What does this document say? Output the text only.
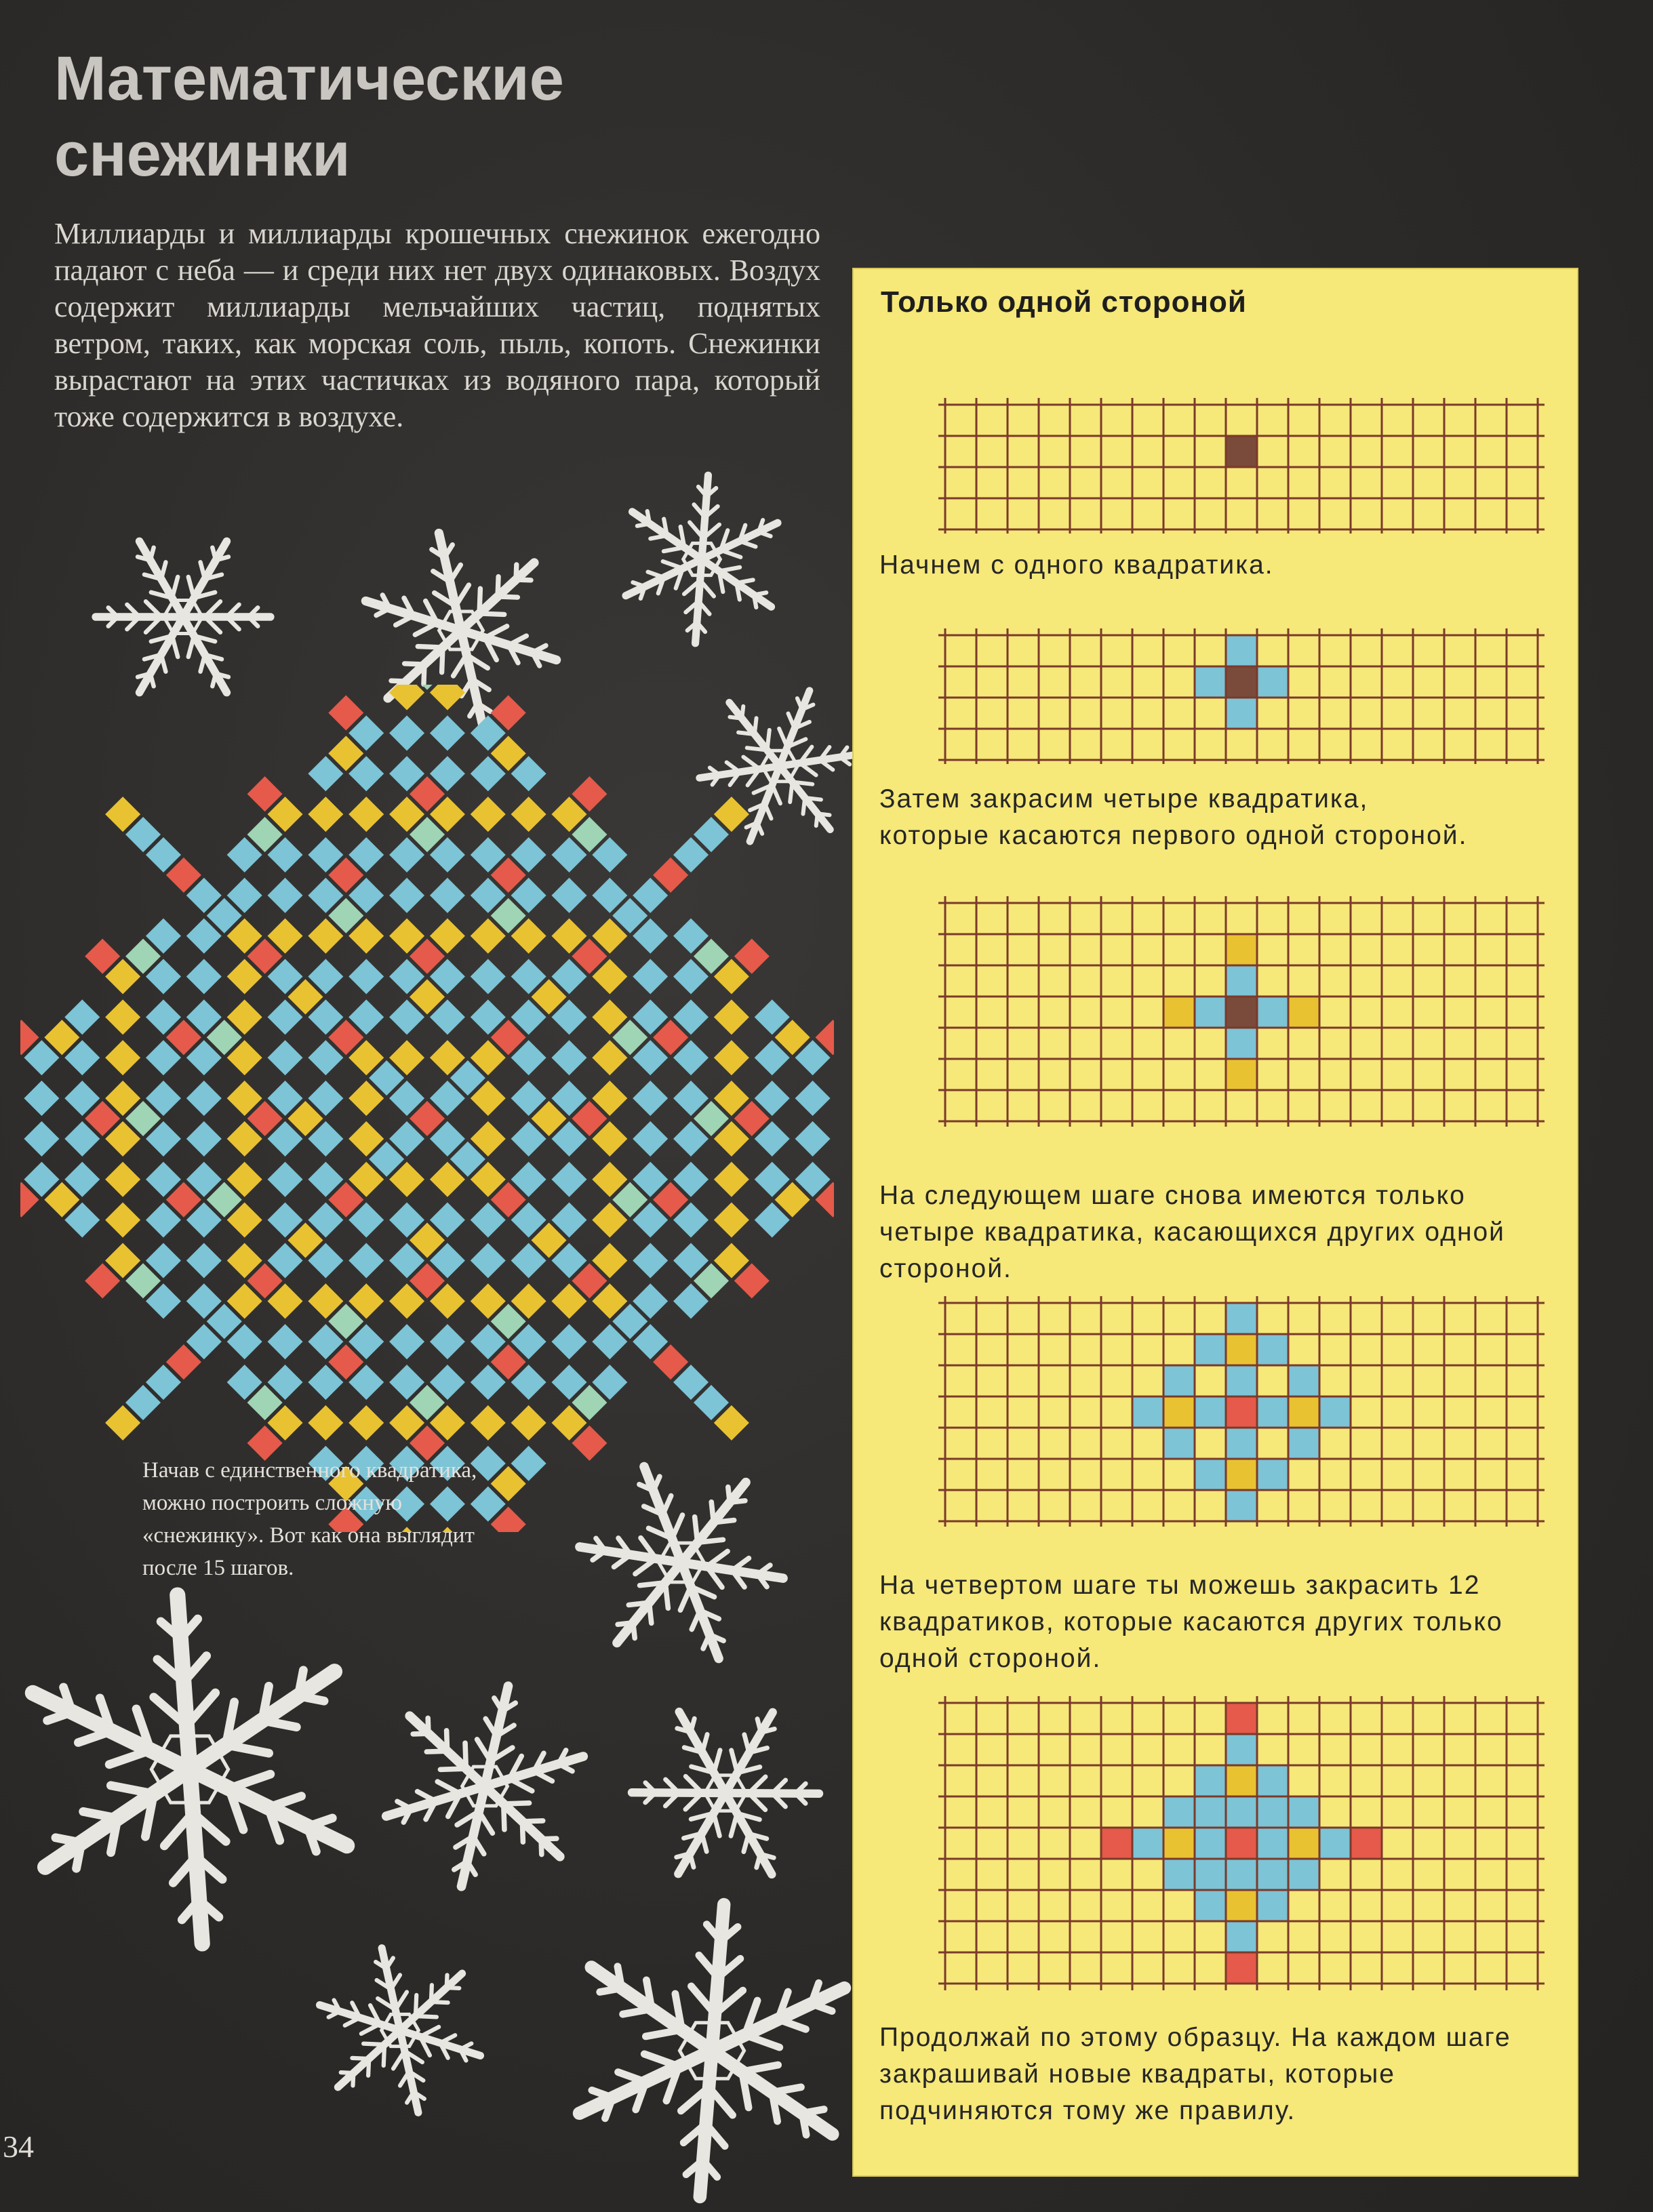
Математические
снежинки
Миллиарды и миллиарды крошечных снежинок ежегодно падают с неба — и среди них нет двух одинаковых. Воздух содержит миллиарды мельчайших частиц, поднятых ветром, таких, как морская соль, пыль, копоть. Снежинки вырастают на этих частичках из водяного пара, который тоже содержится в воздухе.
Начав с единственного квадратика, можно построить сложную «снежинку». Вот как она выглядит после 15 шагов.
34
Только одной стороной
Начнем с одного квадратика.
Затем закрасим четыре квадратика, которые касаются первого одной стороной.
На следующем шаге снова имеются только четыре квадратика, касающихся других одной стороной.
На четвертом шаге ты можешь закрасить 12 квадратиков, которые касаются других только одной стороной.
Продолжай по этому образцу. На каждом шаге закрашивай новые квадраты, которые подчиняются тому же правилу.
